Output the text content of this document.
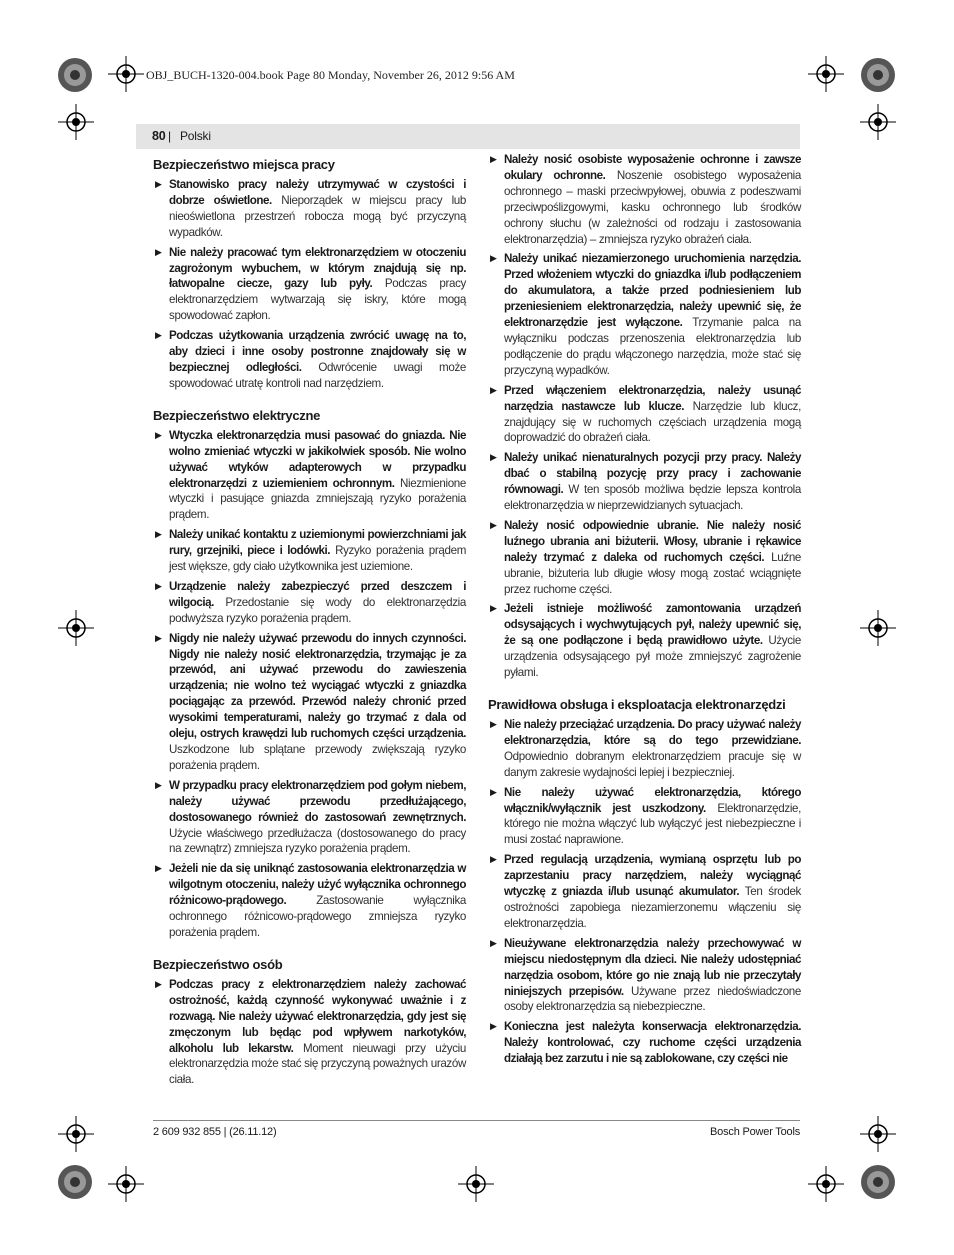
OBJ_BUCH-1320-004.book Page 80 Monday, November 26, 2012 9:56 AM
80 | Polski
Bezpieczeństwo miejsca pracy
▶ Stanowisko pracy należy utrzymywać w czystości i dobrze oświetlone. Nieporządek w miejscu pracy lub nieoświetlona przestrzeń robocza mogą być przyczyną wypadków.
▶ Nie należy pracować tym elektronarzędziem w otoczeniu zagrożonym wybuchem, w którym znajdują się np. łatwopalne ciecze, gazy lub pyły. Podczas pracy elektronarzędziem wytwarzają się iskry, które mogą spowodować zapłon.
▶ Podczas użytkowania urządzenia zwrócić uwagę na to, aby dzieci i inne osoby postronne znajdowały się w bezpiecznej odległości. Odwrócenie uwagi może spowodować utratę kontroli nad narzędziem.
Bezpieczeństwo elektryczne
▶ Wtyczka elektronarzędzia musi pasować do gniazda. Nie wolno zmieniać wtyczki w jakikolwiek sposób. Nie wolno używać wtyków adapterowych w przypadku elektronarzędzi z uziemieniem ochronnym. Niezmienione wtyczki i pasujące gniazda zmniejszają ryzyko porażenia prądem.
▶ Należy unikać kontaktu z uziemionymi powierzchniami jak rury, grzejniki, piece i lodówki. Ryzyko porażenia prądem jest większe, gdy ciało użytkownika jest uziemione.
▶ Urządzenie należy zabezpieczyć przed deszczem i wilgocią. Przedostanie się wody do elektronarzędzia podwyższa ryzyko porażenia prądem.
▶ Nigdy nie należy używać przewodu do innych czynności. Nigdy nie należy nosić elektronarzędzia, trzymając je za przewód, ani używać przewodu do zawieszenia urządzenia; nie wolno też wyciągać wtyczki z gniazdka pociągając za przewód. Przewód należy chronić przed wysokimi temperaturami, należy go trzymać z dala od oleju, ostrych krawędzi lub ruchomych części urządzenia. Uszkodzone lub splątane przewody zwiększają ryzyko porażenia prądem.
▶ W przypadku pracy elektronarzędziem pod gołym niebem, należy używać przewodu przedłużającego, dostosowanego również do zastosowań zewnętrznych. Użycie właściwego przedłużacza (dostosowanego do pracy na zewnątrz) zmniejsza ryzyko porażenia prądem.
▶ Jeżeli nie da się uniknąć zastosowania elektronarzędzia w wilgotnym otoczeniu, należy użyć wyłącznika ochronnego różnicowo-prądowego.	Zastosowanie wyłącznika ochronnego różnicowo-prądowego zmniejsza ryzyko porażenia prądem.
Bezpieczeństwo osób
▶ Podczas pracy z elektronarzędziem należy zachować ostrożność, każdą czynność wykonywać uważnie i z rozwagą. Nie należy używać elektronarzędzia, gdy jest się zmęczonym lub będąc pod wpływem narkotyków, alkoholu lub lekarstw. Moment nieuwagi przy użyciu elektronarzędzia może stać się przyczyną poważnych urazów ciała.
▶ Należy nosić osobiste wyposażenie ochronne i zawsze okulary ochronne. Noszenie osobistego wyposażenia ochronnego – maski przeciwpyłowej, obuwia z podeszwami przeciwpoślizgowymi, kasku ochronnego lub środków ochrony słuchu (w zależności od rodzaju i zastosowania elektronarzędzia) – zmniejsza ryzyko obrażeń ciała.
▶ Należy unikać niezamierzonego uruchomienia narzędzia. Przed włożeniem wtyczki do gniazdka i/lub podłączeniem do akumulatora, a także przed podniesieniem lub przeniesieniem elektronarzędzia, należy upewnić się, że elektronarzędzie jest wyłączone. Trzymanie palca na wyłączniku podczas przenoszenia elektronarzędzia lub podłączenie do prądu włączonego narzędzia, może stać się przyczyną wypadków.
▶ Przed włączeniem elektronarzędzia, należy usunąć narzędzia nastawcze lub klucze. Narzędzie lub klucz, znajdujący się w ruchomych częściach urządzenia mogą doprowadzić do obrażeń ciała.
▶ Należy unikać nienaturalnych pozycji przy pracy. Należy dbać o stabilną pozycję przy pracy i zachowanie równowagi. W ten sposób możliwa będzie lepsza kontrola elektronarzędzia w nieprzewidzianych sytuacjach.
▶ Należy nosić odpowiednie ubranie. Nie należy nosić luźnego ubrania ani biżuterii. Włosy, ubranie i rękawice należy trzymać z daleka od ruchomych części. Luźne ubranie, biżuteria lub długie włosy mogą zostać wciągnięte przez ruchome części.
▶ Jeżeli istnieje możliwość zamontowania urządzeń odsysających i wychwytujących pył, należy upewnić się, że są one podłączone i będą prawidłowo użyte. Użycie urządzenia odsysającego pył może zmniejszyć zagrożenie pyłami.
Prawidłowa obsługa i eksploatacja elektronarzędzi
▶ Nie należy przeciążać urządzenia. Do pracy używać należy elektronarzędzia, które są do tego przewidziane. Odpowiednio dobranym elektronarzędziem pracuje się w danym zakresie wydajności lepiej i bezpieczniej.
▶ Nie należy używać elektronarzędzia, którego włącznik/wyłącznik jest uszkodzony. Elektronarzędzie, którego nie można włączyć lub wyłączyć jest niebezpieczne i musi zostać naprawione.
▶ Przed regulacją urządzenia, wymianą osprzętu lub po zaprzestaniu pracy narzędziem, należy wyciągnąć wtyczkę z gniazda i/lub usunąć akumulator. Ten środek ostrożności zapobiega niezamierzonemu włączeniu się elektronarzędzia.
▶ Nieużywane elektronarzędzia należy przechowywać w miejscu niedostępnym dla dzieci. Nie należy udostępniać narzędzia osobom, które go nie znają lub nie przeczytały niniejszych przepisów. Używane przez niedoświadczone osoby elektronarzędzia są niebezpieczne.
▶ Konieczna jest należyta konserwacja elektronarzędzia. Należy kontrolować, czy ruchome części urządzenia działają bez zarzutu i nie są zablokowane, czy części nie
2 609 932 855 | (26.11.12)	Bosch Power Tools
